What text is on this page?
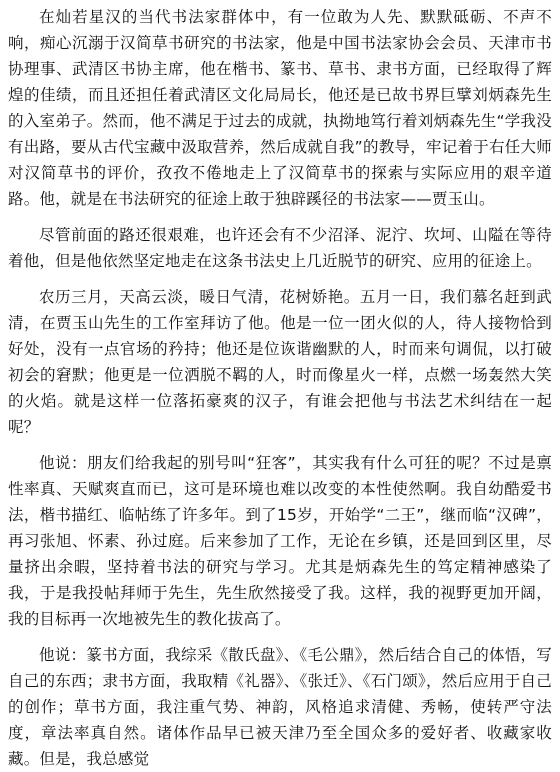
在灿若星汉的当代书法家群体中，有一位敢为人先、默默砥砺、不声不响，痴心沉溺于汉简草书研究的书法家，他是中国书法家协会会员、天津市书协理事、武清区书协主席，他在楷书、篆书、草书、隶书方面，已经取得了辉煌的佳绩，而且还担任着武清区文化局局长，他还是已故书界巨擘刘炳森先生的入室弟子。然而，他不满足于过去的成就，执拗地笃行着刘炳森先生“学我没有出路，要从古代宝藏中汲取营养，然后成就自我”的教导，牢记着于右任大师对汉简草书的评价，孜孜不倦地走上了汉简草书的探索与实际应用的艰辛道路。他，就是在书法研究的征途上敢于独辟蹊径的书法家——贾玉山。

尽管前面的路还很艰难，也许还会有不少沼泽、泥泞、坎坷、山隘在等待着他，但是他依然坚定地走在这条书法史上几近脱节的研究、应用的征途上。

农历三月，天高云淡，暖日气清，花树娇艳。五月一日，我们慕名赶到武清，在贾玉山先生的工作室拜访了他。他是一位一团火似的人，待人接物恰到好处，没有一点官场的矜持；他还是位诙谐幽默的人，时而来句调侃，以打破初会的窘默；他更是一位洒脱不羁的人，时而像星火一样，点燃一场轰然大笑的火焰。就是这样一位落拓豪爽的汉子，有谁会把他与书法艺术纠结在一起呢？

他说：朋友们给我起的别号叫“狂客”，其实我有什么可狂的呢？不过是禀性率真、天赋爽直而已，这可是环境也难以改变的本性使然啊。我自幼酷爱书法，楷书描红、临帖练了许多年。到了15岁，开始学“二王”，继而临“汉碑”，再习张旭、怀素、孙过庭。后来参加了工作，无论在乡镇，还是回到区里，尽量挤出余暇，坚持着书法的研究与学习。尤其是炳森先生的笃定精神感染了我，于是我投帖拜师于先生，先生欣然接受了我。这样，我的视野更加开阔，我的目标再一次地被先生的教化拔高了。

他说：篆书方面，我综采《散氏盘》、《毛公鼎》，然后结合自己的体悟，写自己的东西；隶书方面，我取精《礼器》、《张迁》、《石门颂》，然后应用于自己的创作；草书方面，我注重气势、神韵，风格追求清健、秀畅，使转严守法度，章法率真自然。诸体作品早已被天津乃至全国众多的爱好者、收藏家收藏。但是，我总感觉
